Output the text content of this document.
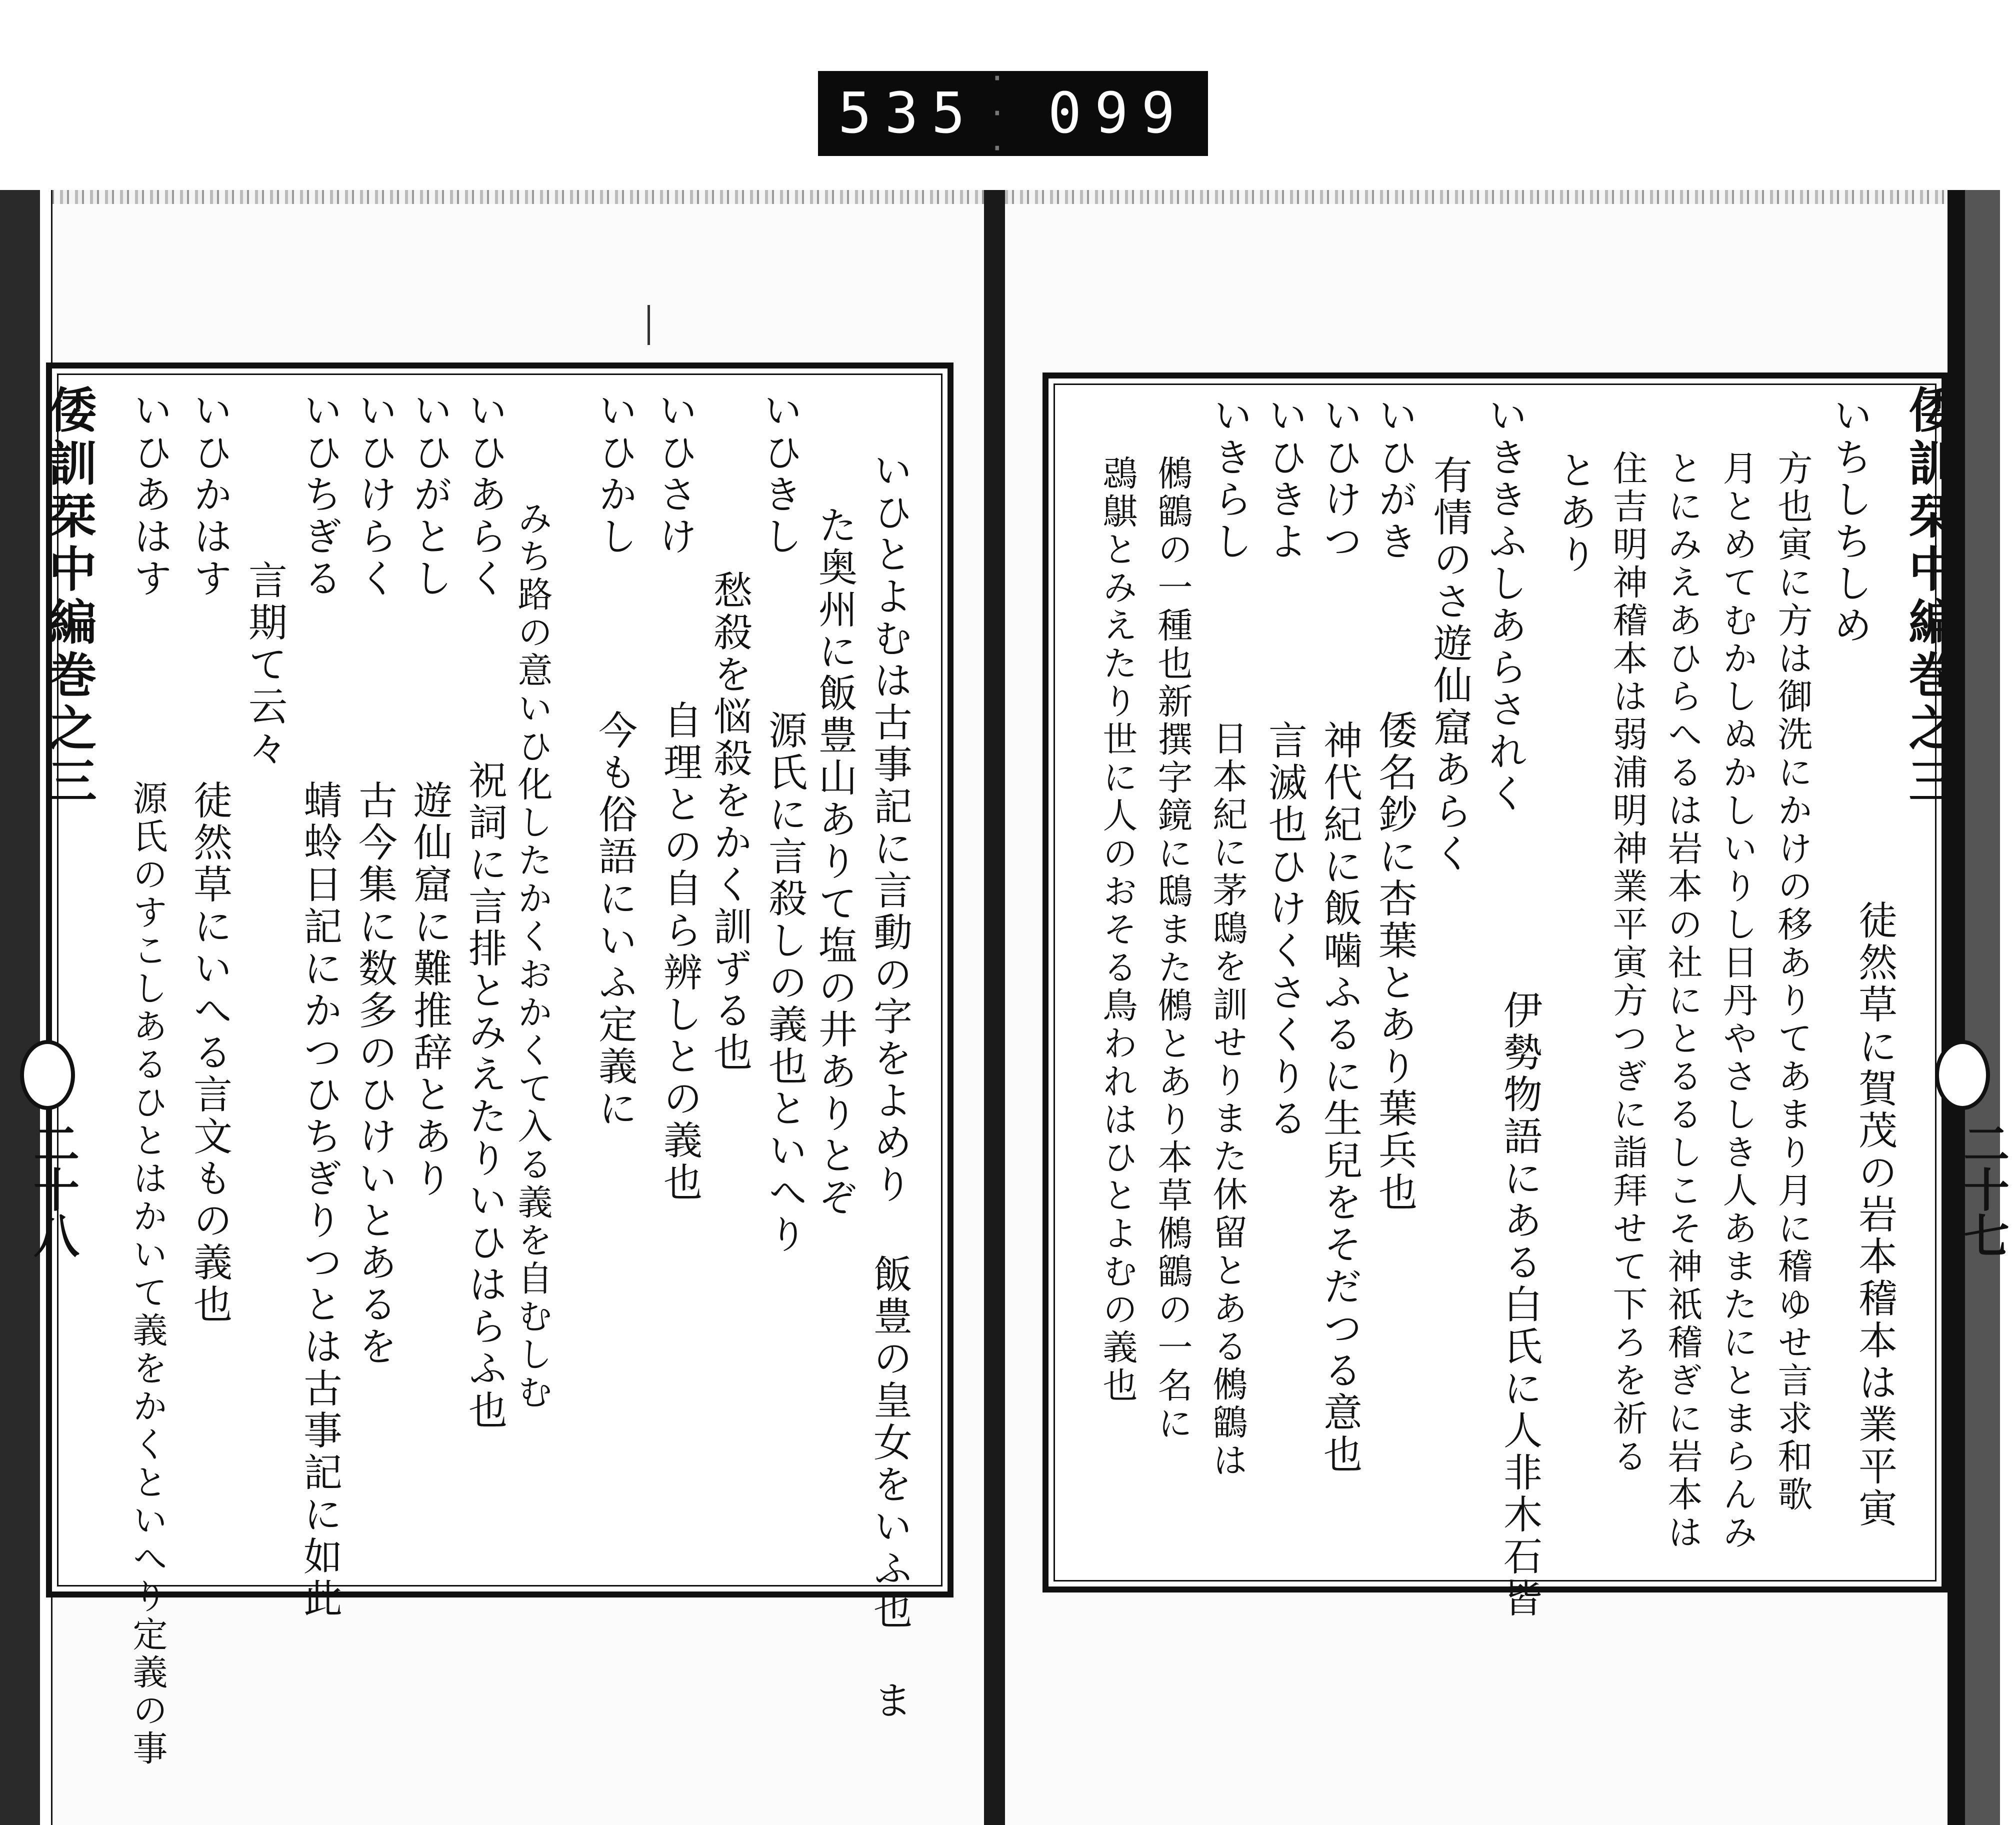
535
· · ·
099
倭訓栞中編巻之三
二十八	いひとよむは古事記に言動の字をよめり 飯豊の皇女をいふ也 ま
た奥州に飯豊山ありて塩の井ありとぞ
源氏に言殺しの義也といへり
愁殺を悩殺をかく訓ずる也
自理との自ら辨しとの義也
今も俗語にいふ定義に
みち路の意いひ化したかくおかくて入る義を自むしむ
祝詞に言排とみえたりいひはらふ也
遊仙窟に難推辞とあり
古今集に数多のひけいとあるを
蜻蛉日記にかつひちぎりつとは古事記に如此
言期て云々
徒然草にいへる言文もの義也
源氏のすこしあるひとはかいて義をかくといへり定義の事
いひきし
いひさけ
いひかし
いひあらく
いひがとし
いひけらく
いひちぎる
いひかはす
いひあはす	倭訓栞中編巻之三
二十七
いちしちしめ
方也寅に方は御洗にかけの移ありてあまり月に稽ゆせ言求和歌
月とめてむかしぬかしいりし日丹やさしき人あまたにとまらんみ
とにみえあひらへるは岩本の社にとるるしこそ神祇稽ぎに岩本は
住吉明神稽本は弱浦明神業平寅方つぎに詣拜せて下ろを祈る
とあり
徒然草に賀茂の岩本稽本は業平寅
伊勢物語にある白氏に人非木石皆
有情のさ遊仙窟あらく
倭名鈔に杏葉とあり葉兵也
神代紀に飯噛ふるに生兒をそだつる意也
言滅也ひけくさくりる
日本紀に茅鴟を訓せりまた休留とある鵂鶹は
鵂鶹の一種也新撰字鏡に鴟また鵂とあり本草鵂鶹の一名に
鵋鶀とみえたり世に人のおそる鳥われはひとよむの義也 いきらし いひきよ いひけつ いひがき いききふしあらされく
